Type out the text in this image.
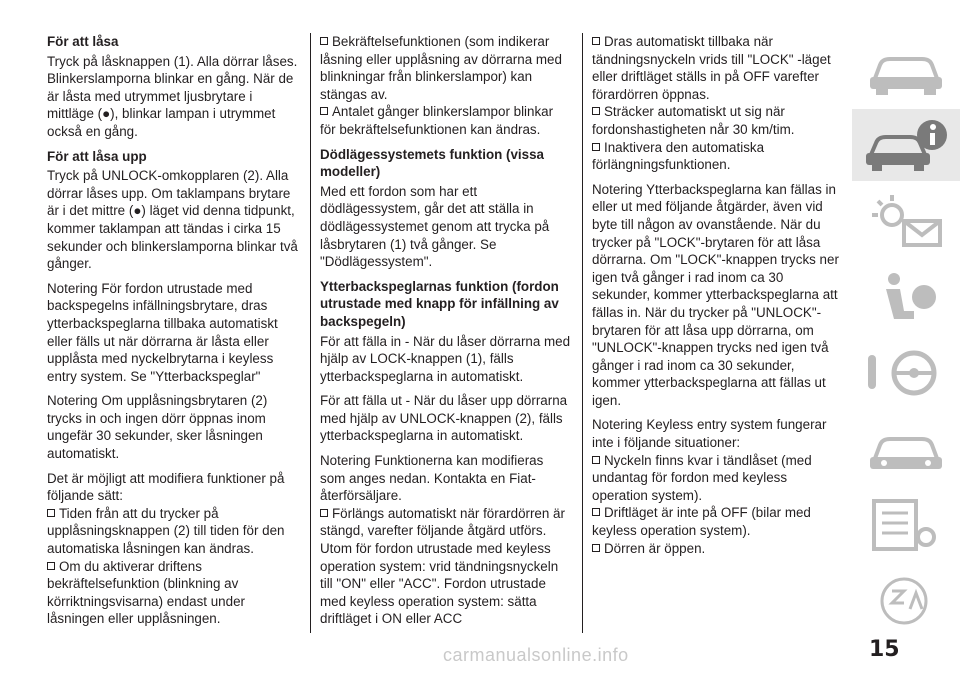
För att låsa

Tryck på låsknappen (1). Alla dörrar låses. Blinkerslamporna blinkar en gång. När de är låsta med utrymmet ljusbrytare i mittläge (●), blinkar lampan i utrymmet också en gång.

För att låsa upp

Tryck på UNLOCK-omkopplaren (2). Alla dörrar låses upp. Om taklampans brytare är i det mittre (●) läget vid denna tidpunkt, kommer taklampan att tändas i cirka 15 sekunder och blinkerslamporna blinkar två gånger.

Notering För fordon utrustade med backspegelns infällningsbrytare, dras ytterbackspeglarna tillbaka automatiskt eller fälls ut när dörrarna är låsta eller upplåsta med nyckelbrytarna i keyless entry system. Se "Ytterbackspeglar"

Notering Om upplåsningsbrytaren (2) trycks in och ingen dörr öppnas inom ungefär 30 sekunder, sker låsningen automatiskt.

Det är möjligt att modifiera funktioner på följande sätt:

Tiden från att du trycker på upplåsningsknappen (2) till tiden för den automatiska låsningen kan ändras.
Om du aktiverar driftens bekräftelsefunktion (blinkning av körriktningsvisarna) endast under låsningen eller upplåsningen.
Bekräftelsefunktionen (som indikerar låsning eller upplåsning av dörrarna med blinkningar från blinkerslampor) kan stängas av.
Antalet gånger blinkerslampor blinkar för bekräftelsefunktionen kan ändras.
Dödlägessystemets funktion (vissa modeller)

Med ett fordon som har ett dödlägessystem, går det att ställa in dödlägessystemet genom att trycka på låsbrytaren (1) två gånger. Se "Dödlägessystem".

Ytterbackspeglarnas funktion (fordon utrustade med knapp för infällning av backspegeln)

För att fälla in - När du låser dörrarna med hjälp av LOCK-knappen (1), fälls ytterbackspeglarna in automatiskt.

För att fälla ut - När du låser upp dörrarna med hjälp av UNLOCK-knappen (2), fälls ytterbackspeglarna in automatiskt.

Notering Funktionerna kan modifieras som anges nedan. Kontakta en Fiat-återförsäljare.

Förlängs automatiskt när förardörren är stängd, varefter följande åtgärd utförs. Utom för fordon utrustade med keyless operation system: vrid tändningsnyckeln till "ON" eller "ACC". Fordon utrustade med keyless operation system: sätta driftläget i ON eller ACC
Dras automatiskt tillbaka när tändningsnyckeln vrids till "LOCK" -läget eller driftläget ställs in på OFF varefter förardörren öppnas.
Sträcker automatiskt ut sig när fordonshastigheten når 30 km/tim.
Inaktivera den automatiska förlängningsfunktionen.

Notering Ytterbackspeglarna kan fällas in eller ut med följande åtgärder, även vid byte till någon av ovanstående. När du trycker på "LOCK"-brytaren för att låsa dörrarna. Om "LOCK"-knappen trycks ner igen två gånger i rad inom ca 30 sekunder, kommer ytterbackspeglarna att fällas in. När du trycker på "UNLOCK"-brytaren för att låsa upp dörrarna, om "UNLOCK"-knappen trycks ned igen två gånger i rad inom ca 30 sekunder, kommer ytterbackspeglarna att fällas ut igen.

Notering Keyless entry system fungerar inte i följande situationer:

Nyckeln finns kvar i tändlåset (med undantag för fordon med keyless operation system).
Driftläget är inte på OFF (bilar med keyless operation system).
Dörren är öppen.
15
carmanualsonline.info
